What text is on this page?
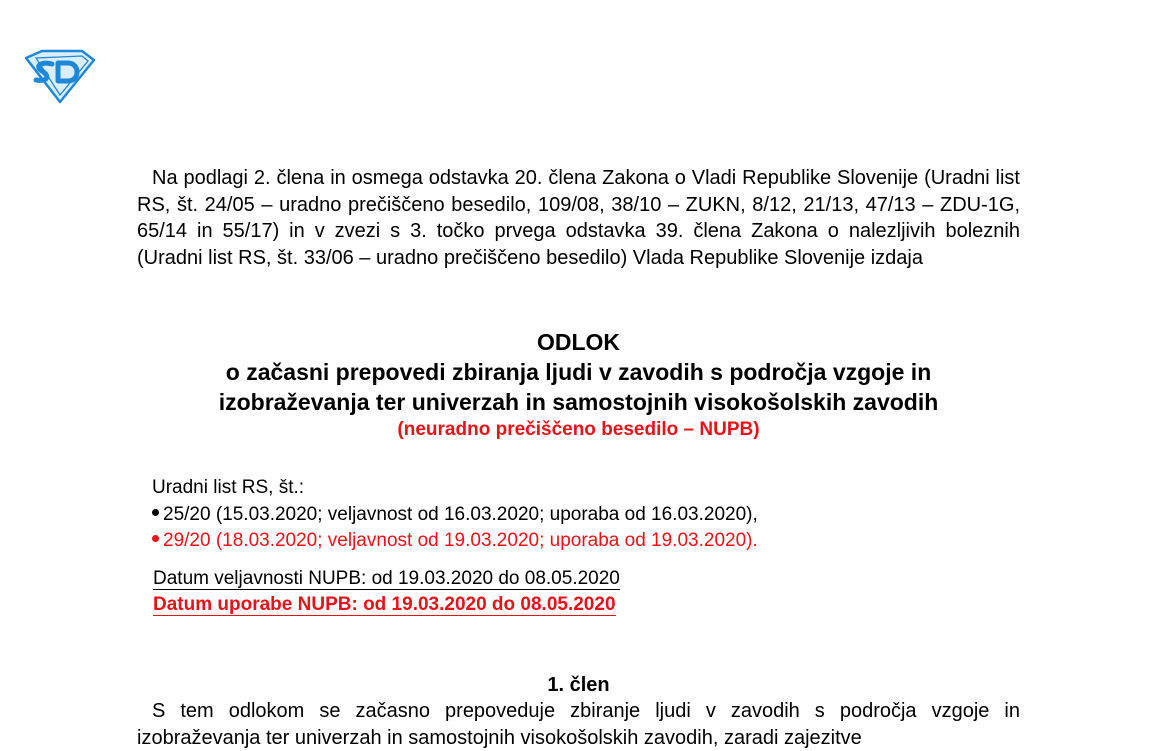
Na podlagi 2. člena in osmega odstavka 20. člena Zakona o Vladi Republike Slovenije (Uradni list RS, št. 24/05 – uradno prečiščeno besedilo, 109/08, 38/10 – ZUKN, 8/12, 21/13, 47/13 – ZDU-1G, 65/14 in 55/17) in v zvezi s 3. točko prvega odstavka 39. člena Zakona o nalezljivih boleznih (Uradni list RS, št. 33/06 – uradno prečiščeno besedilo) Vlada Republike Slovenije izdaja

ODLOK

o začasni prepovedi zbiranja ljudi v zavodih s področja vzgoje in

izobraževanja ter univerzah in samostojnih visokošolskih zavodih

(neuradno prečiščeno besedilo – NUPB)

Uradni list RS, št.:
25/20 (15.03.2020; veljavnost od 16.03.2020; uporaba od 16.03.2020),
29/20 (18.03.2020; veljavnost od 19.03.2020; uporaba od 19.03.2020).
Datum veljavnosti NUPB: od 19.03.2020 do 08.05.2020
Datum uporabe NUPB: od 19.03.2020 do 08.05.2020

1. člen

S tem odlokom se začasno prepoveduje zbiranje ljudi v zavodih s področja vzgoje in izobraževanja ter univerzah in samostojnih visokošolskih zavodih, zaradi zajezitve
